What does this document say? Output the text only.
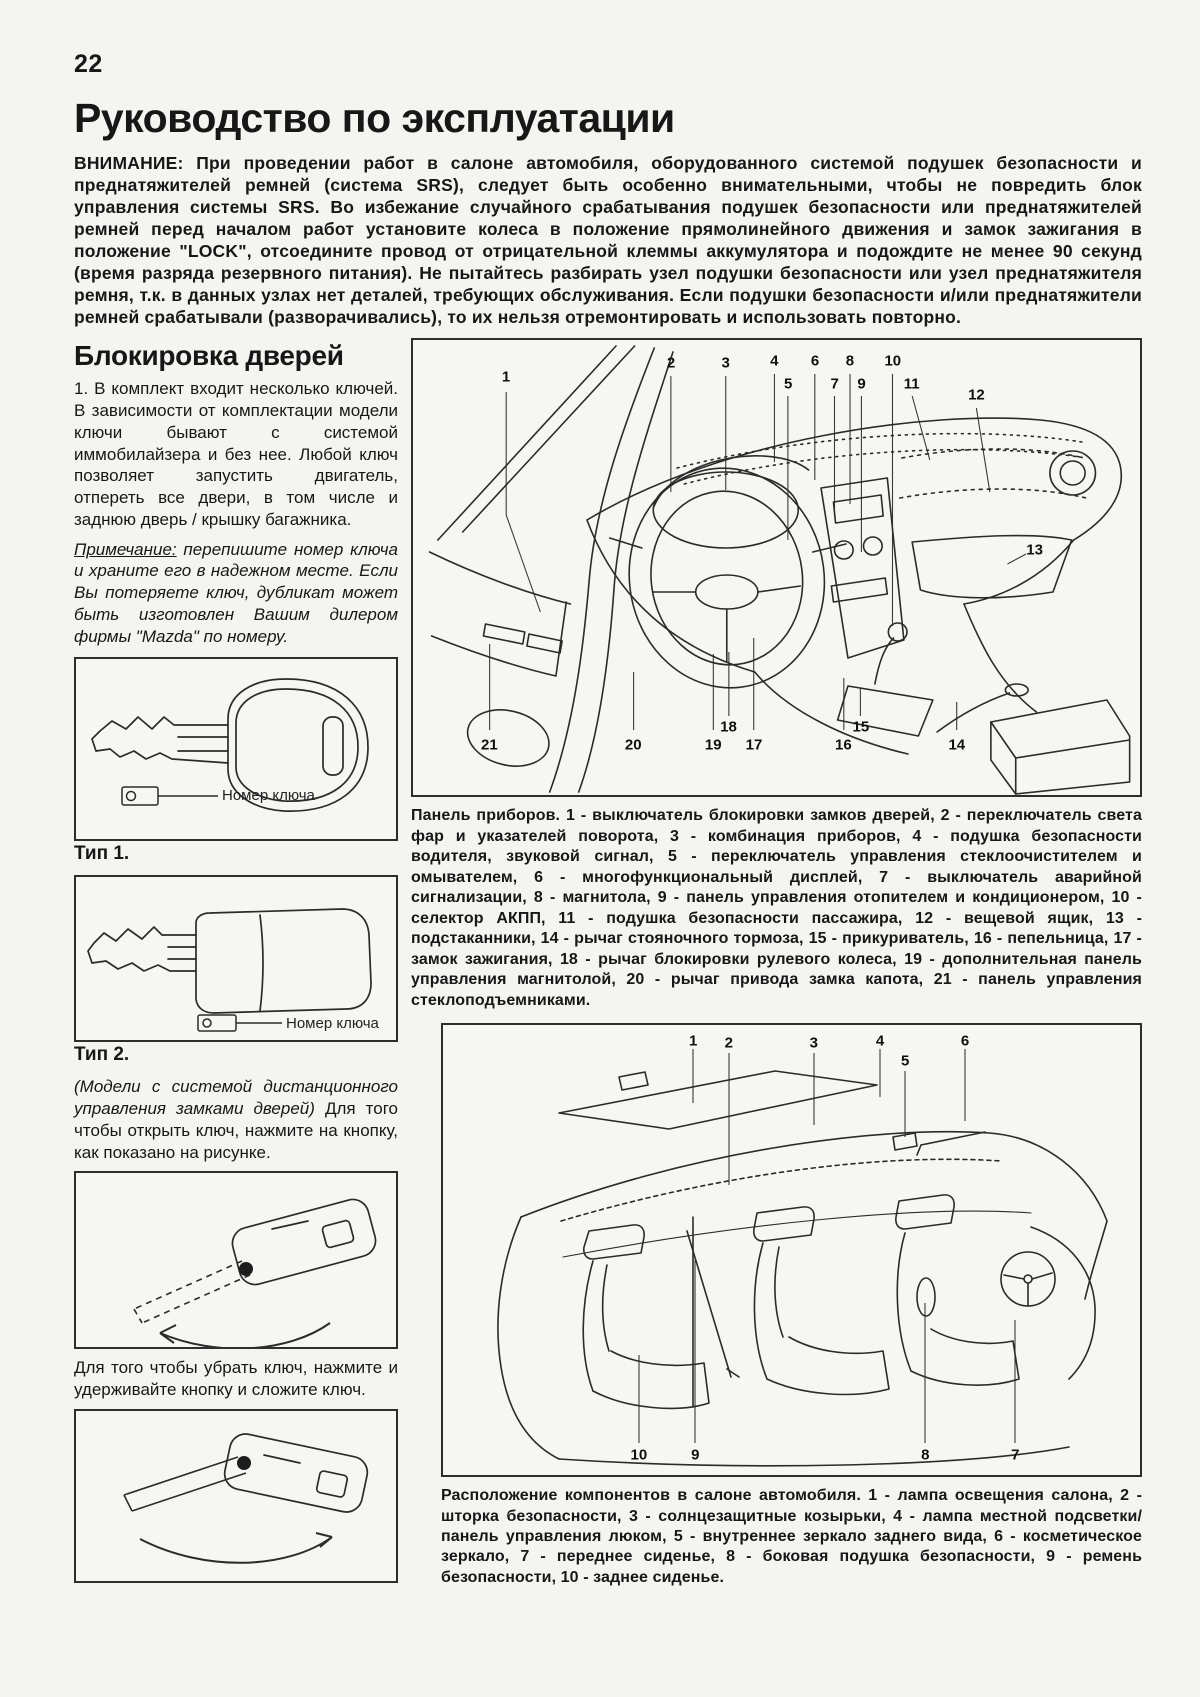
22
Руководство по эксплуатации

ВНИМАНИЕ: При проведении работ в салоне автомобиля, оборудованного системой подушек безопасности и преднатяжителей ремней (система SRS), следует быть особенно внимательными, чтобы не повредить блок управления системы SRS. Во избежание случайного срабатывания подушек безопасности или преднатяжителей ремней перед началом работ установите колеса в положение прямолинейного движения и замок зажигания в положение "LOCK", отсоедините провод от отрицательной клеммы аккумулятора и подождите не менее 90 секунд (время разряда резервного питания). Не пытайтесь разбирать узел подушки безопасности или узел преднатяжителя ремня, т.к. в данных узлах нет деталей, требующих обслуживания. Если подушки безопасности и/или преднатяжители ремней срабатывали (разворачивались), то их нельзя отремонтировать и использовать повторно.

Блокировка дверей

1. В комплект входит несколько ключей. В зависимости от комплектации модели ключи бывают с системой иммобилайзера и без нее. Любой ключ позволяет запустить двигатель, отпереть все двери, в том числе и заднюю дверь / крышку багажника.

Примечание: перепишите номер ключа и храните его в надежном месте. Если Вы потеряете ключ, дубликат может быть изготовлен Вашим дилером фирмы "Mazda" по номеру.

Номер ключа
Тип 1.
Номер ключа
Тип 2.

(Модели с системой дистанционного управления замками дверей) Для того чтобы открыть ключ, нажмите на кнопку, как показано на рисунке.

Для того чтобы убрать ключ, нажмите и удерживайте кнопку и сложите ключ.

1
2	3	4
5
6
7
8
9
10
11
12
13
14
15
16
17
18
19
20
21

Панель приборов. 1 - выключатель блокировки замков дверей, 2 - переключатель света фар и указателей поворота, 3 - комбинация приборов, 4 - подушка безопасности водителя, звуковой сигнал, 5 - переключатель управления стеклоочистителем и омывателем, 6 - многофункциональный дисплей, 7 - выключатель аварийной сигнализации, 8 - магнитола, 9 - панель управления отопителем и кондиционером, 10 - селектор АКПП, 11 - подушка безопасности пассажира, 12 - вещевой ящик, 13 - подстаканники, 14 - рычаг стояночного тормоза, 15 - прикуриватель, 16 - пепельница, 17 - замок зажигания, 18 - рычаг блокировки рулевого колеса, 19 - дополнительная панель управления магнитолой, 20 - рычаг привода замка капота, 21 - панель управления стеклоподъемниками.

1 2	3	4
5
6
7
8
9
10

Расположение компонентов в салоне автомобиля. 1 - лампа освещения салона, 2 - шторка безопасности, 3 - солнцезащитные козырьки, 4 - лампа местной подсветки/панель управления люком, 5 - внутреннее зеркало заднего вида, 6 - косметическое зеркало, 7 - переднее сиденье, 8 - боковая подушка безопасности, 9 - ремень безопасности, 10 - заднее сиденье.
